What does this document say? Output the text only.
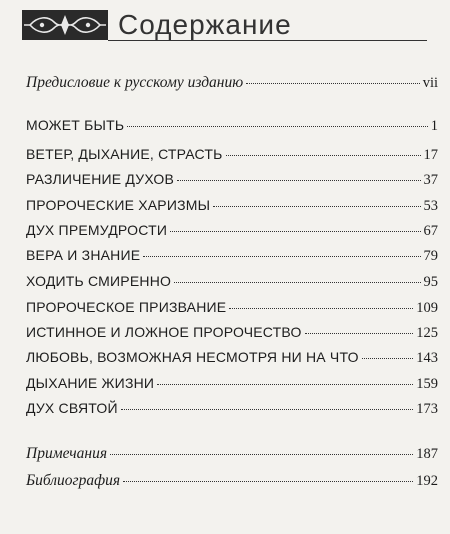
Содержание
Предисловие к русскому изданию	vii
МОЖЕТ БЫТЬ	1
ВЕТЕР, ДЫХАНИЕ, СТРАСТЬ	17
РАЗЛИЧЕНИЕ ДУХОВ	37
ПРОРОЧЕСКИЕ ХАРИЗМЫ	53
ДУХ ПРЕМУДРОСТИ	67
ВЕРА И ЗНАНИЕ	79
ХОДИТЬ СМИРЕННО	95
ПРОРОЧЕСКОЕ ПРИЗВАНИЕ	109
ИСТИННОЕ И ЛОЖНОЕ ПРОРОЧЕСТВО	125
ЛЮБОВЬ, ВОЗМОЖНАЯ НЕСМОТРЯ НИ НА ЧТО	143
ДЫХАНИЕ ЖИЗНИ	159
ДУХ СВЯТОЙ	173
Примечания	187
Библиография	192
